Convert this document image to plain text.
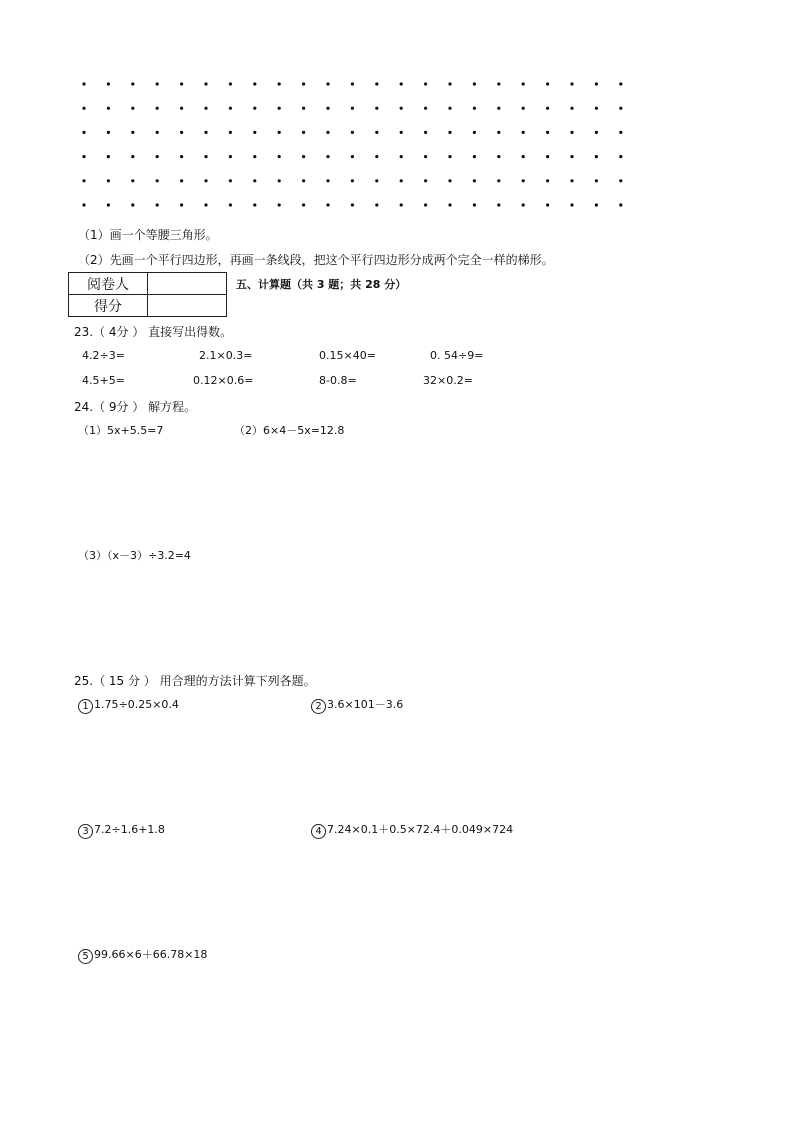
（1）画一个等腰三角形。
（2）先画一个平行四边形，再画一条线段，把这个平行四边形分成两个完全一样的梯形。
阅卷人	
得分	
五、计算题（共 3 题；共 28 分）
23.（ 4分 ） 直接写出得数。
4.2÷3=	2.1×0.3=	0.15×40=	0. 54÷9=
4.5+5=	0.12×0.6=	8-0.8=	32×0.2=
24.（ 9分 ） 解方程。
（1）5x+5.5=7	（2）6×4－5x=12.8
（3）（x－3）÷3.2=4
25.（ 15 分 ） 用合理的方法计算下列各题。
1 1.75÷0.25×0.4	2 3.6×101－3.6
3 7.2÷1.6+1.8	4 7.24×0.1＋0.5×72.4＋0.049×724
5 99.66×6＋66.78×18
